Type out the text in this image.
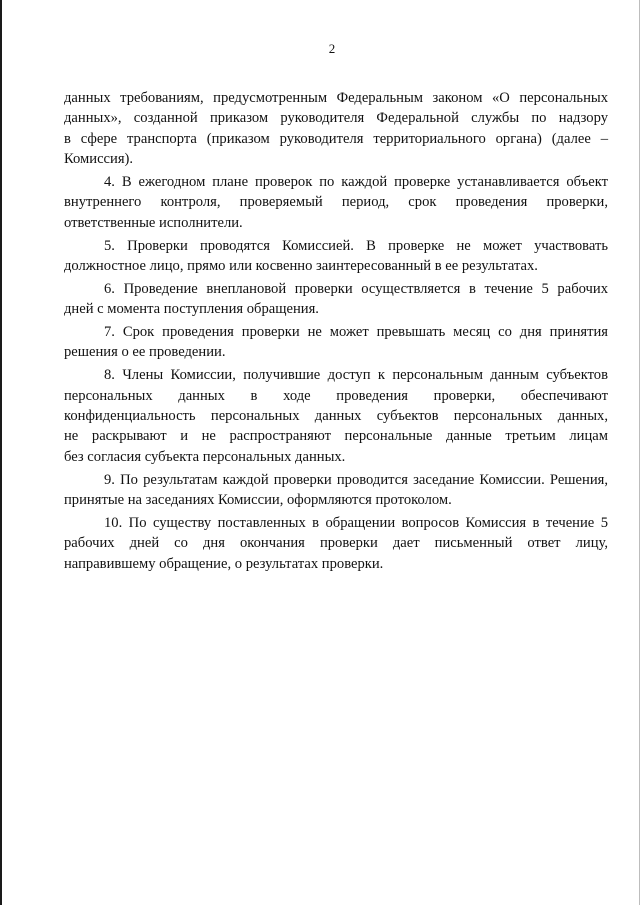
2

данных требованиям, предусмотренным Федеральным законом «О персональных
данных», созданной приказом руководителя Федеральной службы по надзору
в сфере транспорта (приказом руководителя территориального органа) (далее –
Комиссия).

4. В ежегодном плане проверок по каждой проверке устанавливается объект
внутреннего контроля, проверяемый период, срок проведения проверки,
ответственные исполнители.

5. Проверки проводятся Комиссией. В проверке не может участвовать
должностное лицо, прямо или косвенно заинтересованный в ее результатах.

6. Проведение внеплановой проверки осуществляется в течение 5 рабочих
дней с момента поступления обращения.

7. Срок проведения проверки не может превышать месяц со дня принятия
решения о ее проведении.

8. Члены Комиссии, получившие доступ к персональным данным субъектов
персональных данных в ходе проведения проверки, обеспечивают
конфиденциальность персональных данных субъектов персональных данных,
не раскрывают и не распространяют персональные данные третьим лицам
без согласия субъекта персональных данных.

9. По результатам каждой проверки проводится заседание Комиссии. Решения,
принятые на заседаниях Комиссии, оформляются протоколом.

10. По существу поставленных в обращении вопросов Комиссия в течение 5
рабочих дней со дня окончания проверки дает письменный ответ лицу,
направившему обращение, о результатах проверки.
